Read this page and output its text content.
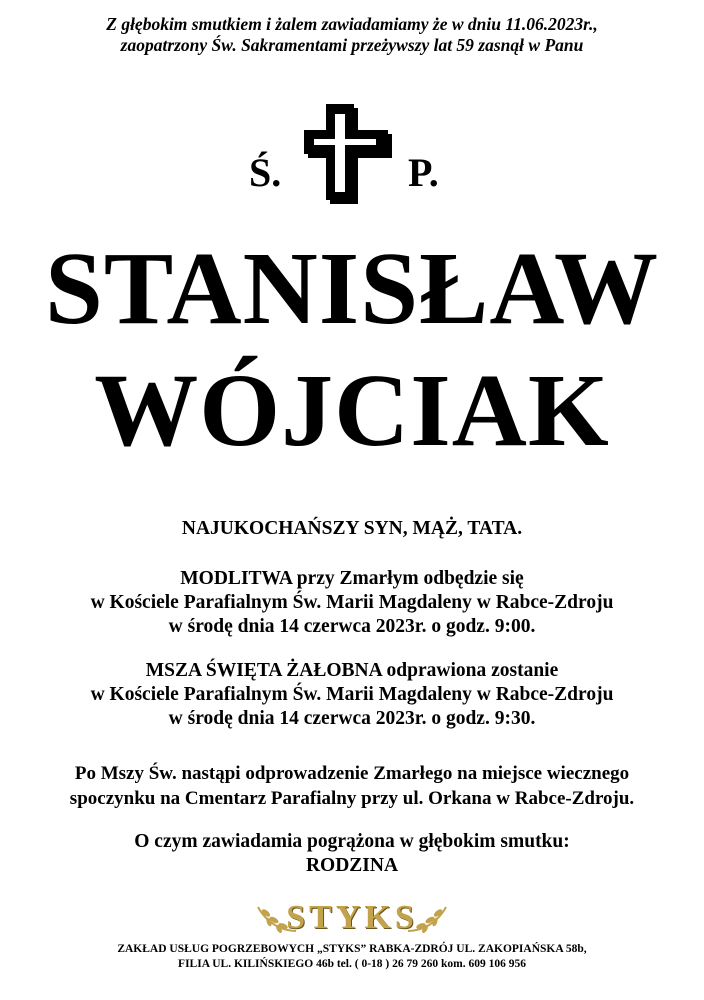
Z głębokim smutkiem i żalem zawiadamiamy że w dniu 11.06.2023r.,
zaopatrzony Św. Sakramentami przeżywszy lat 59 zasnął w Panu
Ś.	P.
STANISŁAW
WÓJCIAK
NAJUKOCHAŃSZY SYN, MĄŻ, TATA.
MODLITWA przy Zmarłym odbędzie się
w Kościele Parafialnym Św. Marii Magdaleny w Rabce-Zdroju
w środę dnia 14 czerwca 2023r. o godz. 9:00.
MSZA ŚWIĘTA ŻAŁOBNA odprawiona zostanie
w Kościele Parafialnym Św. Marii Magdaleny w Rabce-Zdroju
w środę dnia 14 czerwca 2023r. o godz. 9:30.
Po Mszy Św. nastąpi odprowadzenie Zmarłego na miejsce wiecznego
spoczynku na Cmentarz Parafialny przy ul. Orkana w Rabce-Zdroju.
O czym zawiadamia pogrążona w głębokim smutku:
RODZINA
STYKS
ZAKŁAD USŁUG POGRZEBOWYCH „STYKS” RABKA-ZDRÓJ UL. ZAKOPIAŃSKA 58b,
FILIA UL. KILIŃSKIEGO 46b tel. ( 0-18 ) 26 79 260 kom. 609 106 956
